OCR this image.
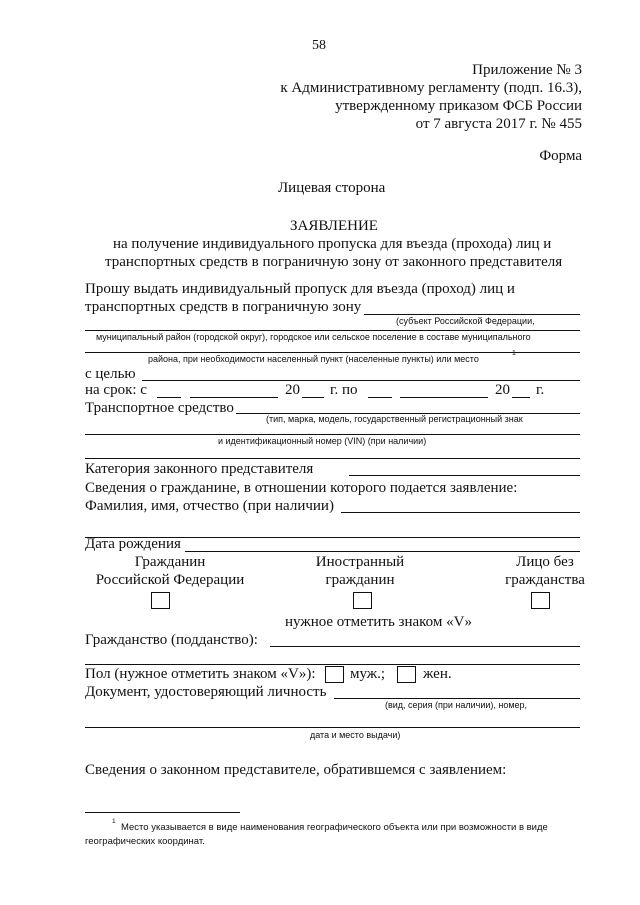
58
Приложение № 3
к Административному регламенту (подп. 16.3),
утвержденному приказом ФСБ России
от 7 августа 2017 г. № 455
Форма
Лицевая сторона
ЗАЯВЛЕНИЕ
на получение индивидуального пропуска для въезда (прохода) лиц и
транспортных средств в пограничную зону от законного представителя
Прошу выдать индивидуальный пропуск для въезда (проход) лиц и
транспортных средств в пограничную зону
(субъект Российской Федерации,
муниципальный район (городской округ), городское или сельское поселение в составе муниципального
района, при необходимости населенный пункт (населенные пункты) или место
1
с целью
на срок: с	20 г. по	20 г.
Транспортное средство
(тип, марка, модель, государственный регистрационный знак
и идентификационный номер (VIN) (при наличии)
Категория законного представителя
Сведения о гражданине, в отношении которого подается заявление:
Фамилия, имя, отчество (при наличии)
Дата рождения
Гражданин
Российской Федерации
Иностранный
гражданин
Лицо без
гражданства
нужное отметить знаком «V»
Гражданство (подданство):
Пол (нужное отметить знаком «V»): муж.;	жен.
Документ, удостоверяющий личность
(вид, серия (при наличии), номер,
дата и место выдачи)
Сведения о законном представителе, обратившемся с заявлением:
1
Место указывается в виде наименования географического объекта или при возможности в виде
географических координат.
